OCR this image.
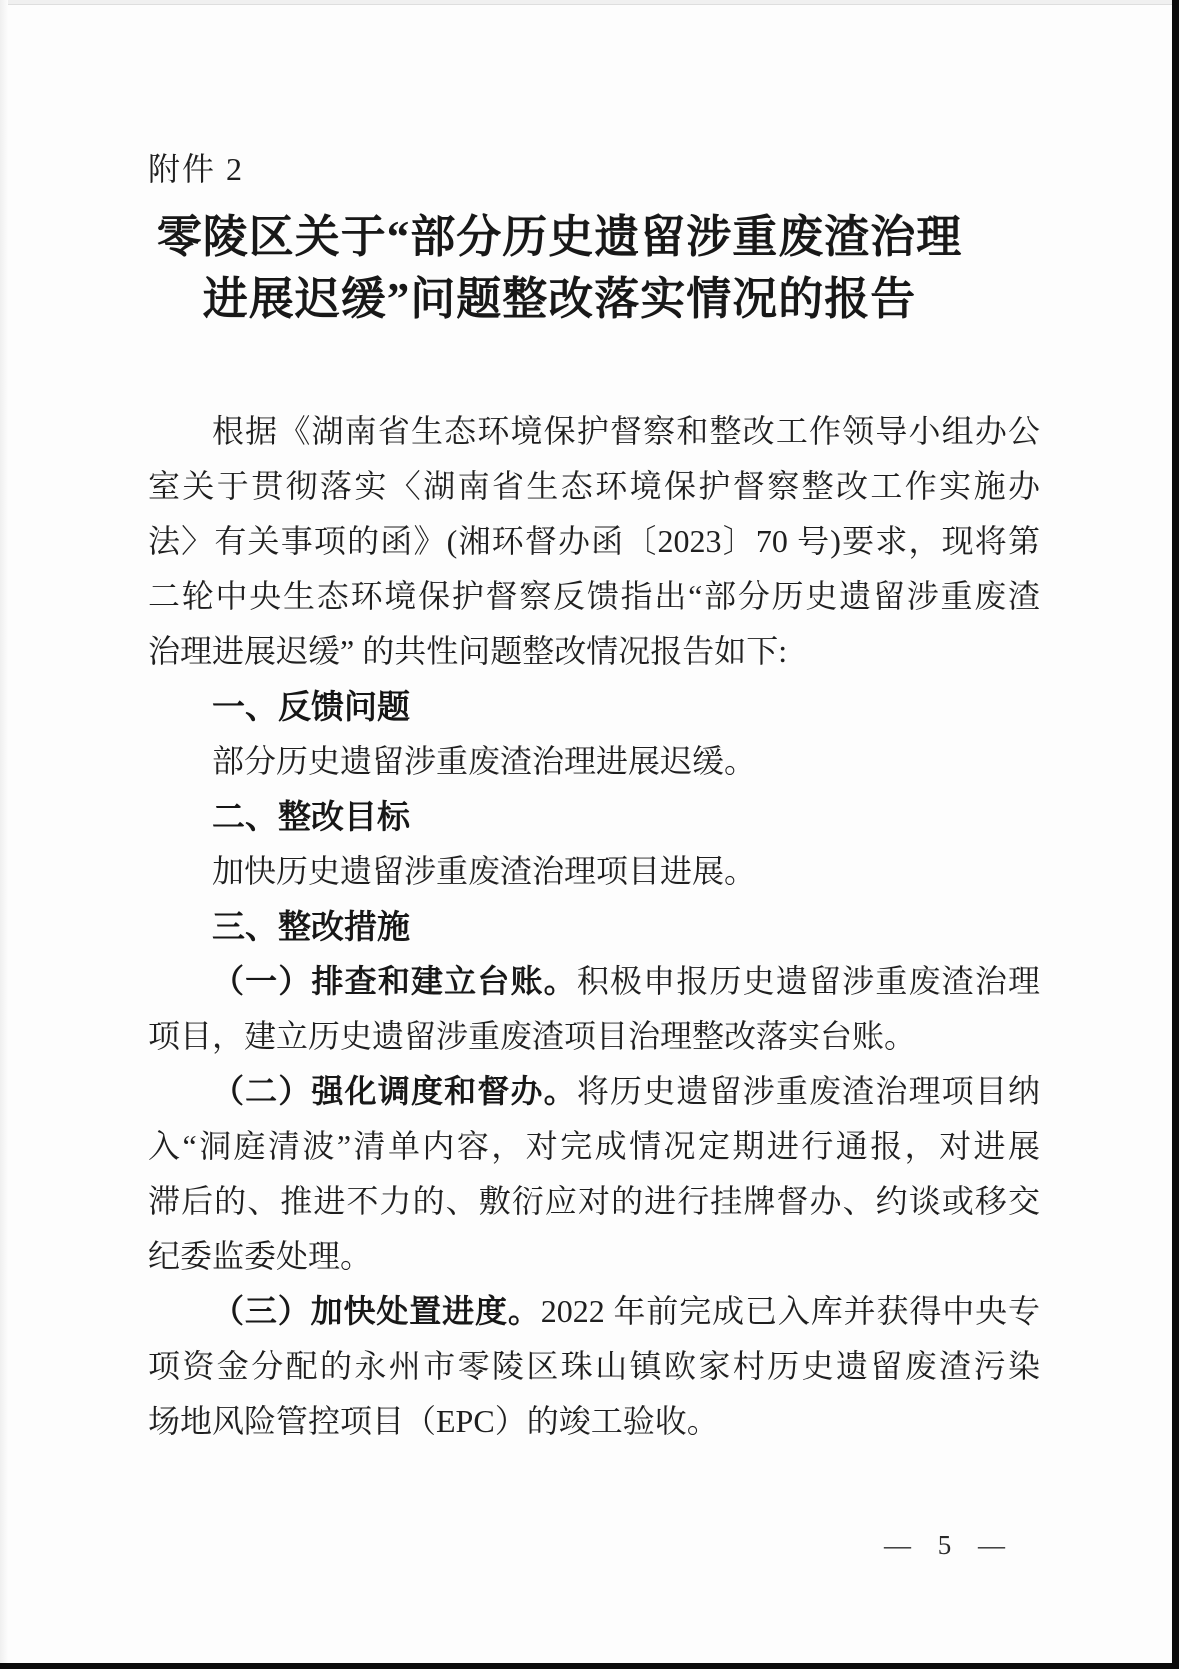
附件 2
零陵区关于“部分历史遗留涉重废渣治理
进展迟缓”问题整改落实情况的报告
根据《湖南省生态环境保护督察和整改工作领导小组办公
室关于贯彻落实〈湖南省生态环境保护督察整改工作实施办
法〉有关事项的函》(湘环督办函〔2023〕70 号)要求，现将第
二轮中央生态环境保护督察反馈指出“部分历史遗留涉重废渣
治理进展迟缓” 的共性问题整改情况报告如下:
一、反馈问题
部分历史遗留涉重废渣治理进展迟缓。
二、整改目标
加快历史遗留涉重废渣治理项目进展。
三、整改措施
（一）排查和建立台账。积极申报历史遗留涉重废渣治理
项目，建立历史遗留涉重废渣项目治理整改落实台账。
（二）强化调度和督办。将历史遗留涉重废渣治理项目纳
入“洞庭清波”清单内容，对完成情况定期进行通报，对进展
滞后的、推进不力的、敷衍应对的进行挂牌督办、约谈或移交
纪委监委处理。
（三）加快处置进度。2022 年前完成已入库并获得中央专
项资金分配的永州市零陵区珠山镇欧家村历史遗留废渣污染
场地风险管控项目（EPC）的竣工验收。
— 5 —
